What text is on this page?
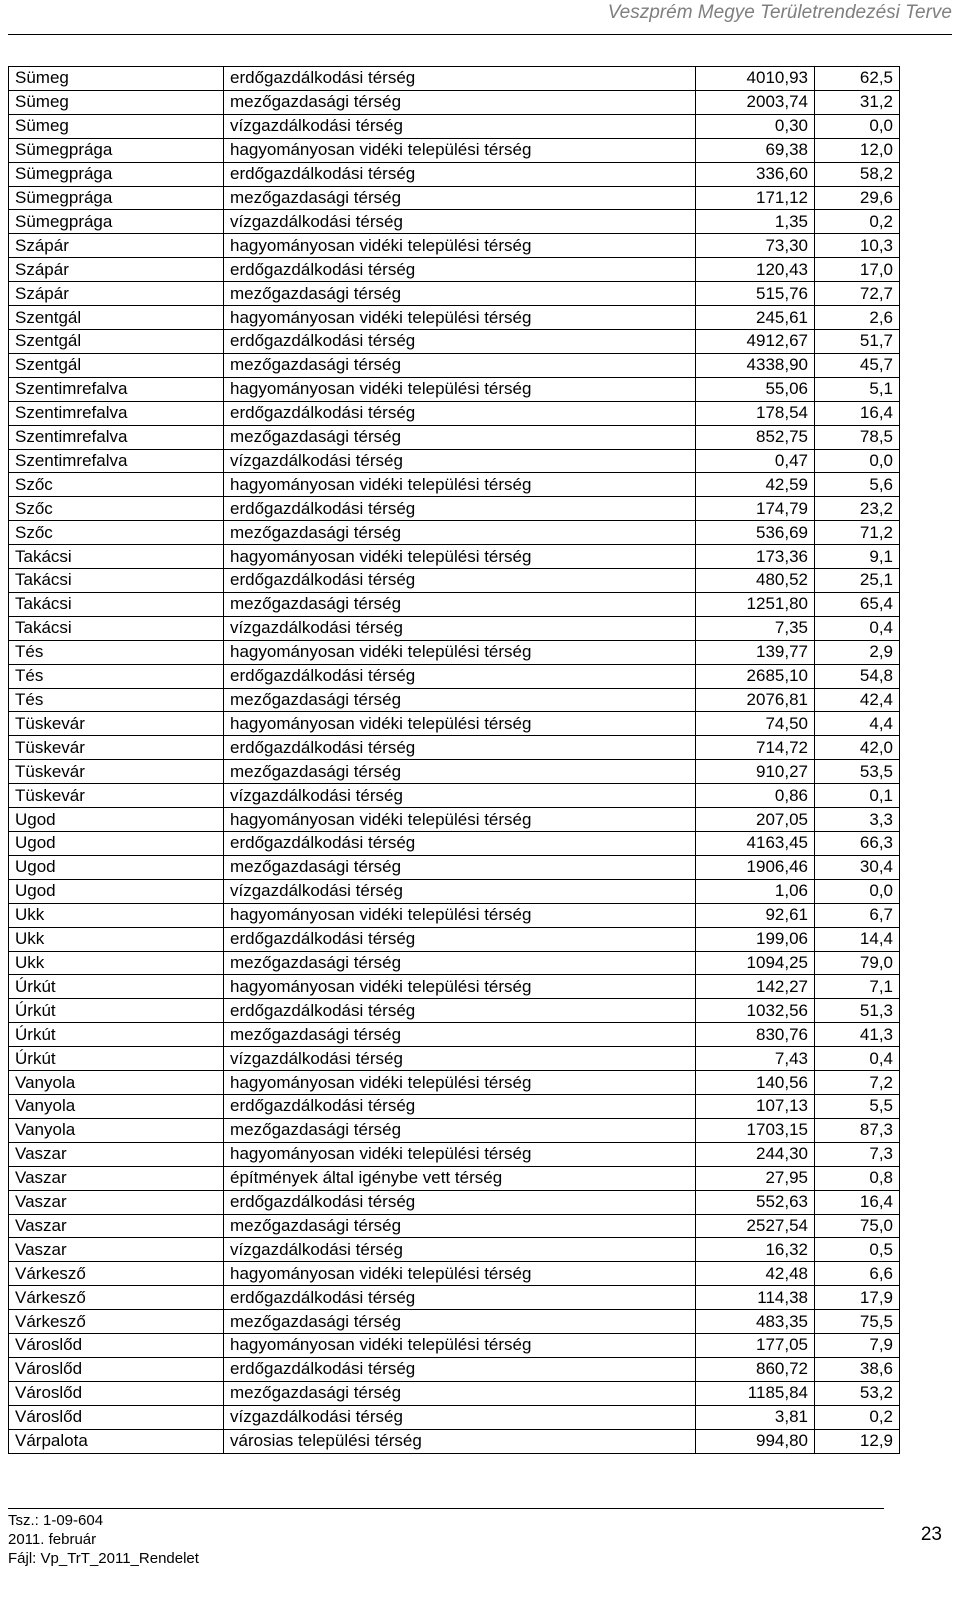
Veszprém Megye Területrendezési Terve
Sümeg	erdőgazdálkodási térség	4010,93	62,5
Sümeg	mezőgazdasági térség	2003,74	31,2
Sümeg	vízgazdálkodási térség	0,30	0,0
Sümegprága	hagyományosan vidéki települési térség	69,38	12,0
Sümegprága	erdőgazdálkodási térség	336,60	58,2
Sümegprága	mezőgazdasági térség	171,12	29,6
Sümegprága	vízgazdálkodási térség	1,35	0,2
Szápár	hagyományosan vidéki települési térség	73,30	10,3
Szápár	erdőgazdálkodási térség	120,43	17,0
Szápár	mezőgazdasági térség	515,76	72,7
Szentgál	hagyományosan vidéki települési térség	245,61	2,6
Szentgál	erdőgazdálkodási térség	4912,67	51,7
Szentgál	mezőgazdasági térség	4338,90	45,7
Szentimrefalva	hagyományosan vidéki települési térség	55,06	5,1
Szentimrefalva	erdőgazdálkodási térség	178,54	16,4
Szentimrefalva	mezőgazdasági térség	852,75	78,5
Szentimrefalva	vízgazdálkodási térség	0,47	0,0
Szőc	hagyományosan vidéki települési térség	42,59	5,6
Szőc	erdőgazdálkodási térség	174,79	23,2
Szőc	mezőgazdasági térség	536,69	71,2
Takácsi	hagyományosan vidéki települési térség	173,36	9,1
Takácsi	erdőgazdálkodási térség	480,52	25,1
Takácsi	mezőgazdasági térség	1251,80	65,4
Takácsi	vízgazdálkodási térség	7,35	0,4
Tés	hagyományosan vidéki települési térség	139,77	2,9
Tés	erdőgazdálkodási térség	2685,10	54,8
Tés	mezőgazdasági térség	2076,81	42,4
Tüskevár	hagyományosan vidéki települési térség	74,50	4,4
Tüskevár	erdőgazdálkodási térség	714,72	42,0
Tüskevár	mezőgazdasági térség	910,27	53,5
Tüskevár	vízgazdálkodási térség	0,86	0,1
Ugod	hagyományosan vidéki települési térség	207,05	3,3
Ugod	erdőgazdálkodási térség	4163,45	66,3
Ugod	mezőgazdasági térség	1906,46	30,4
Ugod	vízgazdálkodási térség	1,06	0,0
Ukk	hagyományosan vidéki települési térség	92,61	6,7
Ukk	erdőgazdálkodási térség	199,06	14,4
Ukk	mezőgazdasági térség	1094,25	79,0
Úrkút	hagyományosan vidéki települési térség	142,27	7,1
Úrkút	erdőgazdálkodási térség	1032,56	51,3
Úrkút	mezőgazdasági térség	830,76	41,3
Úrkút	vízgazdálkodási térség	7,43	0,4
Vanyola	hagyományosan vidéki települési térség	140,56	7,2
Vanyola	erdőgazdálkodási térség	107,13	5,5
Vanyola	mezőgazdasági térség	1703,15	87,3
Vaszar	hagyományosan vidéki települési térség	244,30	7,3
Vaszar	építmények által igénybe vett térség	27,95	0,8
Vaszar	erdőgazdálkodási térség	552,63	16,4
Vaszar	mezőgazdasági térség	2527,54	75,0
Vaszar	vízgazdálkodási térség	16,32	0,5
Várkesző	hagyományosan vidéki települési térség	42,48	6,6
Várkesző	erdőgazdálkodási térség	114,38	17,9
Várkesző	mezőgazdasági térség	483,35	75,5
Városlőd	hagyományosan vidéki települési térség	177,05	7,9
Városlőd	erdőgazdálkodási térség	860,72	38,6
Városlőd	mezőgazdasági térség	1185,84	53,2
Városlőd	vízgazdálkodási térség	3,81	0,2
Várpalota	városias települési térség	994,80	12,9
Tsz.: 1-09-604
2011. február
Fájl: Vp_TrT_2011_Rendelet
23
